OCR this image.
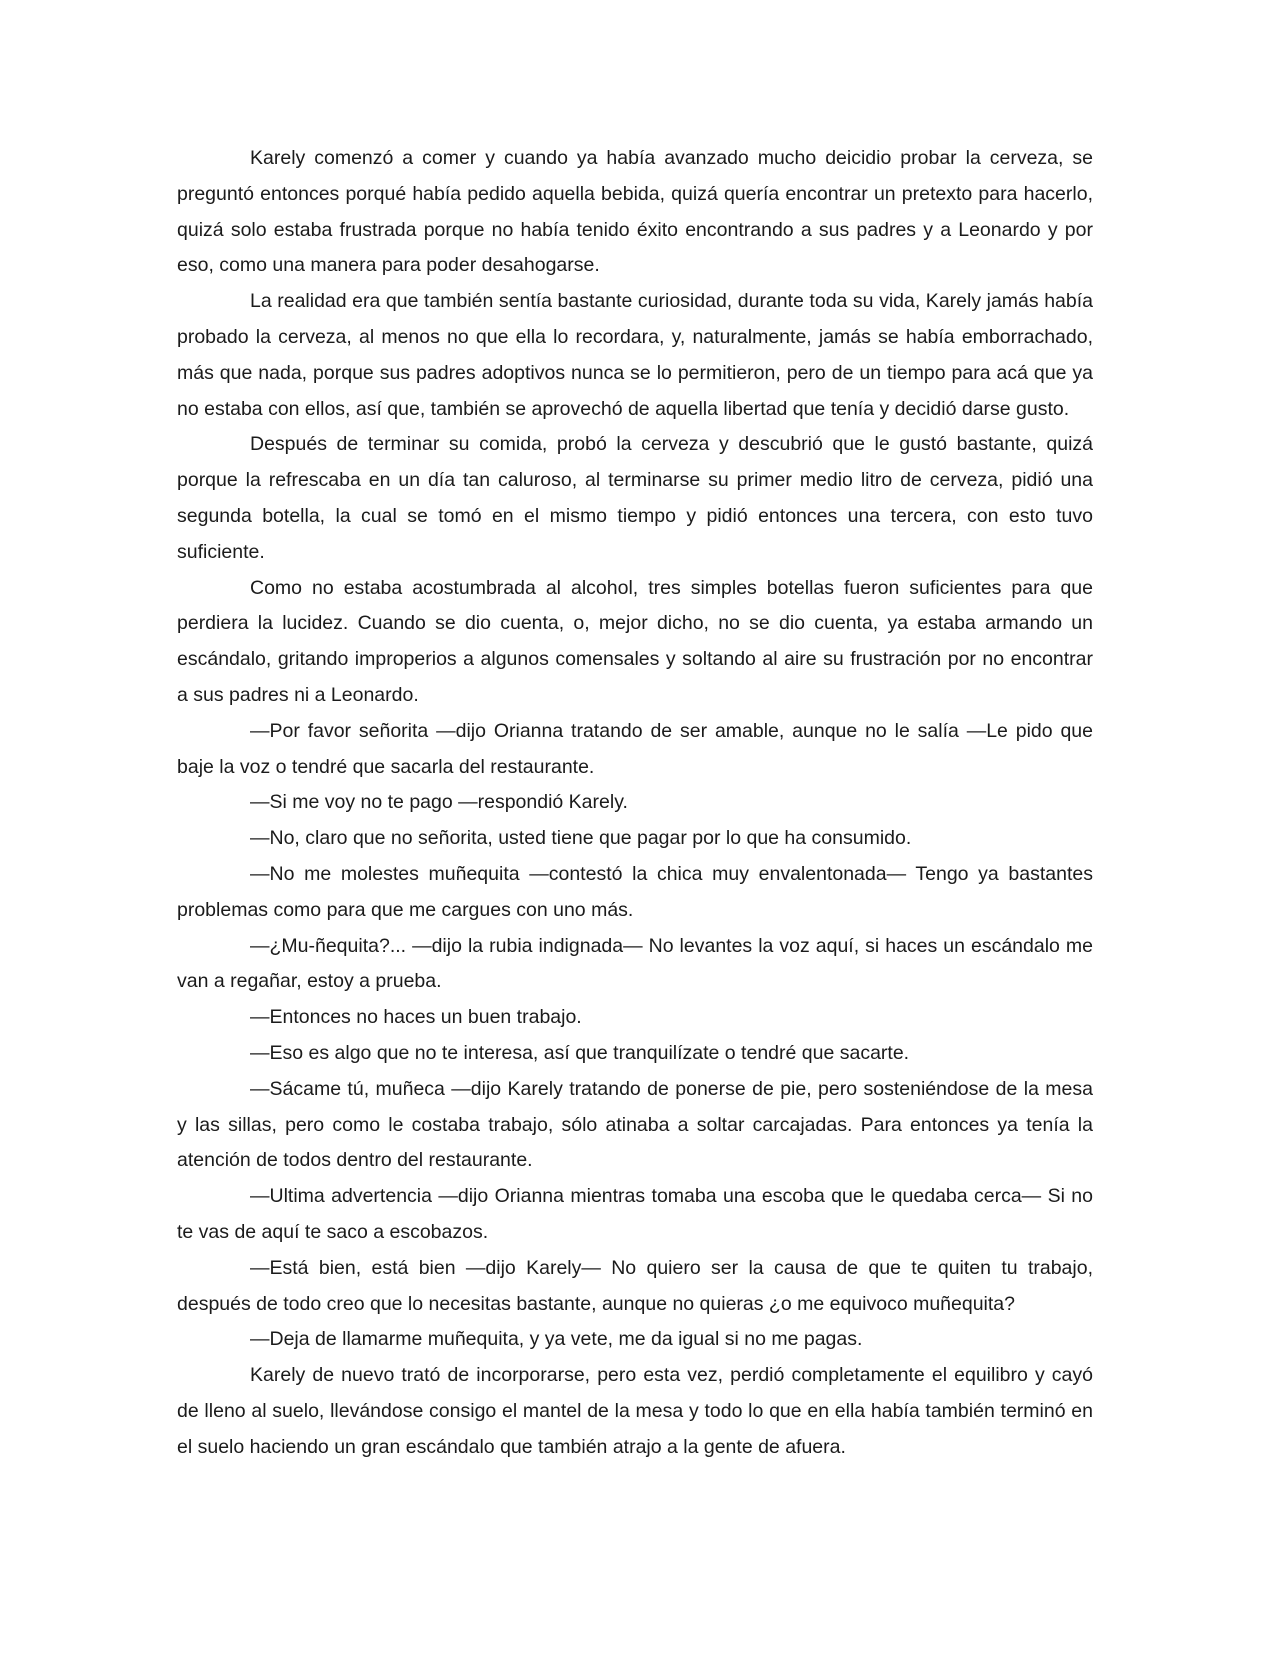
Karely comenzó a comer y cuando ya había avanzado mucho deicidio probar la cerveza, se preguntó entonces porqué había pedido aquella bebida, quizá quería encontrar un pretexto para hacerlo, quizá solo estaba frustrada porque no había tenido éxito encontrando a sus padres y a Leonardo y por eso, como una manera para poder desahogarse.

La realidad era que también sentía bastante curiosidad, durante toda su vida, Karely jamás había probado la cerveza, al menos no que ella lo recordara, y, naturalmente, jamás se había emborrachado, más que nada, porque sus padres adoptivos nunca se lo permitieron, pero de un tiempo para acá que ya no estaba con ellos, así que, también se aprovechó de aquella libertad que tenía y decidió darse gusto.

Después de terminar su comida, probó la cerveza y descubrió que le gustó bastante, quizá porque la refrescaba en un día tan caluroso, al terminarse su primer medio litro de cerveza, pidió una segunda botella, la cual se tomó en el mismo tiempo y pidió entonces una tercera, con esto tuvo suficiente.

Como no estaba acostumbrada al alcohol, tres simples botellas fueron suficientes para que perdiera la lucidez. Cuando se dio cuenta, o, mejor dicho, no se dio cuenta, ya estaba armando un escándalo, gritando improperios a algunos comensales y soltando al aire su frustración por no encontrar a sus padres ni a Leonardo.

—Por favor señorita —dijo Orianna tratando de ser amable, aunque no le salía —Le pido que baje la voz o tendré que sacarla del restaurante.

—Si me voy no te pago —respondió Karely.

—No, claro que no señorita, usted tiene que pagar por lo que ha consumido.

—No me molestes muñequita —contestó la chica muy envalentonada— Tengo ya bastantes problemas como para que me cargues con uno más.

—¿Mu-ñequita?... —dijo la rubia indignada— No levantes la voz aquí, si haces un escándalo me van a regañar, estoy a prueba.

—Entonces no haces un buen trabajo.

—Eso es algo que no te interesa, así que tranquilízate o tendré que sacarte.

—Sácame tú, muñeca —dijo Karely tratando de ponerse de pie, pero sosteniéndose de la mesa y las sillas, pero como le costaba trabajo, sólo atinaba a soltar carcajadas. Para entonces ya tenía la atención de todos dentro del restaurante.

—Ultima advertencia —dijo Orianna mientras tomaba una escoba que le quedaba cerca— Si no te vas de aquí te saco a escobazos.

—Está bien, está bien —dijo Karely— No quiero ser la causa de que te quiten tu trabajo, después de todo creo que lo necesitas bastante, aunque no quieras ¿o me equivoco muñequita?

—Deja de llamarme muñequita, y ya vete, me da igual si no me pagas.

Karely de nuevo trató de incorporarse, pero esta vez, perdió completamente el equilibro y cayó de lleno al suelo, llevándose consigo el mantel de la mesa y todo lo que en ella había también terminó en el suelo haciendo un gran escándalo que también atrajo a la gente de afuera.
